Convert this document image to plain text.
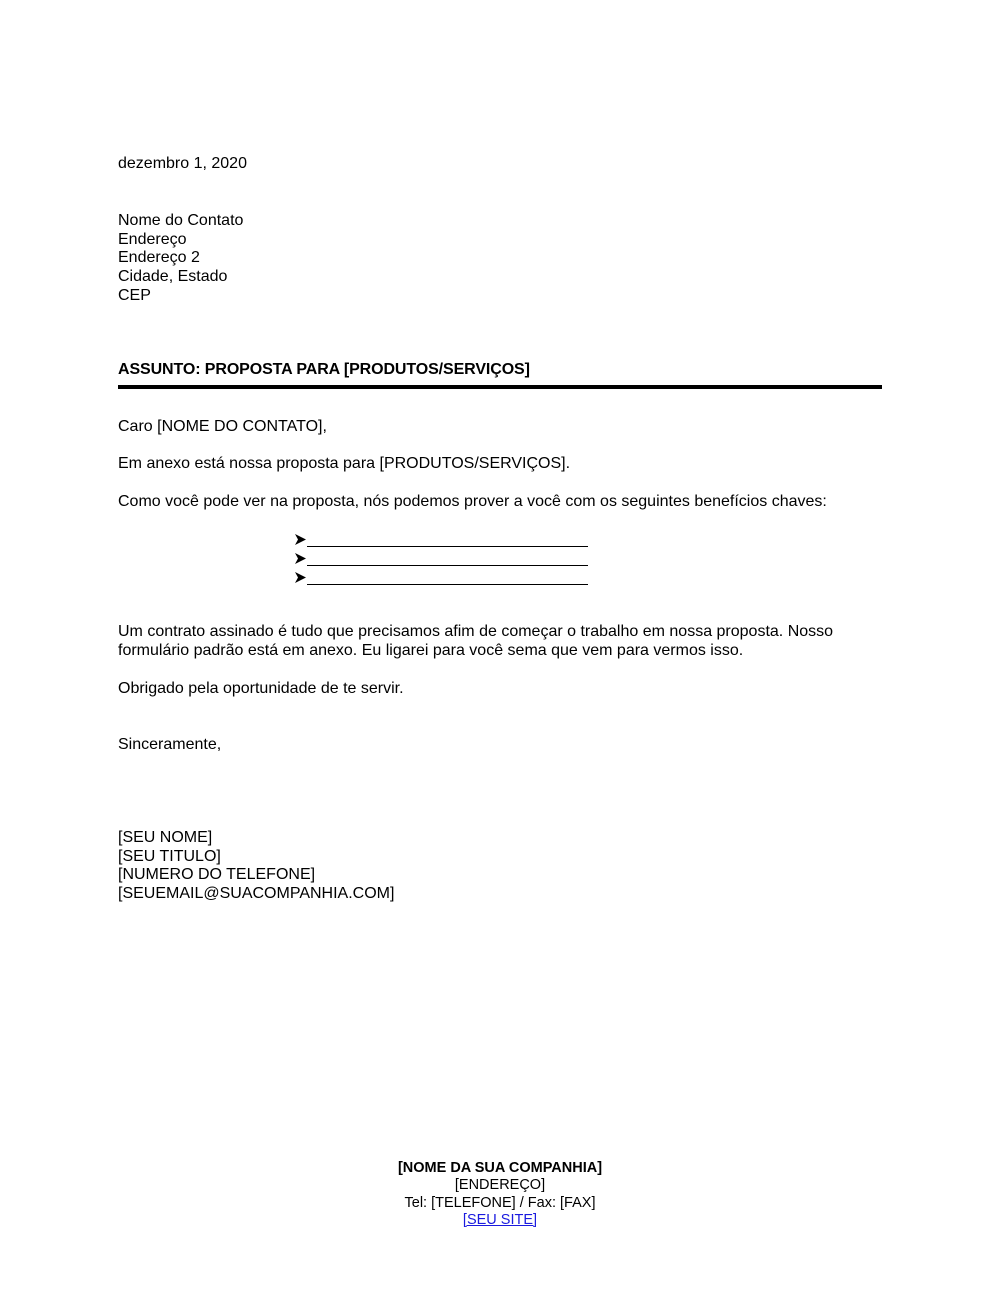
dezembro 1, 2020
Nome do Contato
Endereço
Endereço 2
Cidade, Estado
CEP
ASSUNTO: PROPOSTA PARA [PRODUTOS/SERVIÇOS]
Caro [NOME DO CONTATO],
Em anexo está nossa proposta para [PRODUTOS/SERVIÇOS].
Como você pode ver na proposta, nós podemos prover a você com os seguintes benefícios chaves:
Um contrato assinado é tudo que precisamos afim de começar o trabalho em nossa proposta. Nosso formulário padrão está em anexo. Eu ligarei para você sema que vem para vermos isso.
Obrigado pela oportunidade de te servir.
Sinceramente,
[SEU NOME]
[SEU TITULO]
[NUMERO DO TELEFONE]
[SEUEMAIL@SUACOMPANHIA.COM]
[NOME DA SUA COMPANHIA]
[ENDEREÇO]
Tel: [TELEFONE] / Fax: [FAX]
[SEU SITE]
